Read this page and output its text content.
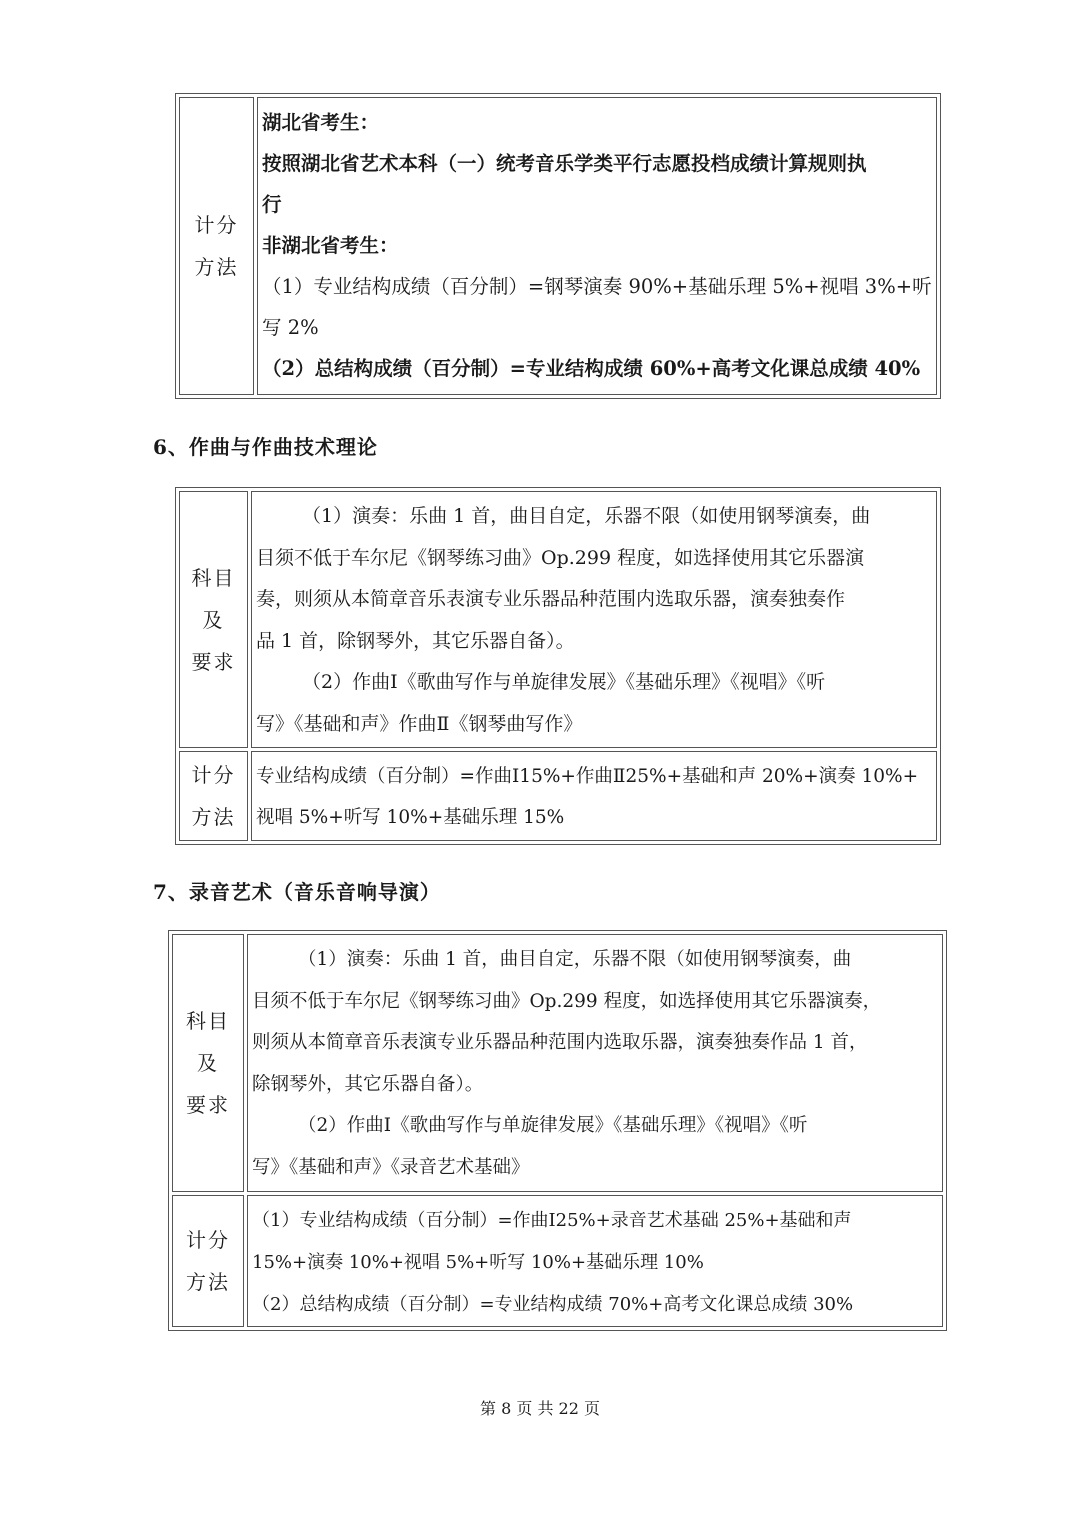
计分
方法

湖北省考生：

按照湖北省艺术本科（一）统考音乐学类平行志愿投档成绩计算规则执

行

非湖北省考生：

（1）专业结构成绩（百分制）=钢琴演奏 90%+基础乐理 5%+视唱 3%+听

写 2%

（2）总结构成绩（百分制）=专业结构成绩 60%+高考文化课总成绩 40%

6、作曲与作曲技术理论
科目
及
要求

（1）演奏：乐曲 1 首，曲目自定，乐器不限（如使用钢琴演奏，曲

目须不低于车尔尼《钢琴练习曲》Op.299 程度，如选择使用其它乐器演

奏，则须从本简章音乐表演专业乐器品种范围内选取乐器，演奏独奏作

品 1 首，除钢琴外，其它乐器自备）。

（2）作曲Ⅰ《歌曲写作与单旋律发展》《基础乐理》《视唱》《听

写》《基础和声》作曲Ⅱ《钢琴曲写作》

计分
方法

专业结构成绩（百分制）=作曲Ⅰ15%+作曲Ⅱ25%+基础和声 20%+演奏 10%+

视唱 5%+听写 10%+基础乐理 15%

7、录音艺术（音乐音响导演）
科目
及
要求

（1）演奏：乐曲 1 首，曲目自定，乐器不限（如使用钢琴演奏，曲

目须不低于车尔尼《钢琴练习曲》Op.299 程度，如选择使用其它乐器演奏，

则须从本简章音乐表演专业乐器品种范围内选取乐器，演奏独奏作品 1 首，

除钢琴外，其它乐器自备）。

（2）作曲Ⅰ《歌曲写作与单旋律发展》《基础乐理》《视唱》《听

写》《基础和声》《录音艺术基础》

计分
方法

（1）专业结构成绩（百分制）=作曲Ⅰ25%+录音艺术基础 25%+基础和声

15%+演奏 10%+视唱 5%+听写 10%+基础乐理 10%

（2）总结构成绩（百分制）=专业结构成绩 70%+高考文化课总成绩 30%

第 8 页 共 22 页
